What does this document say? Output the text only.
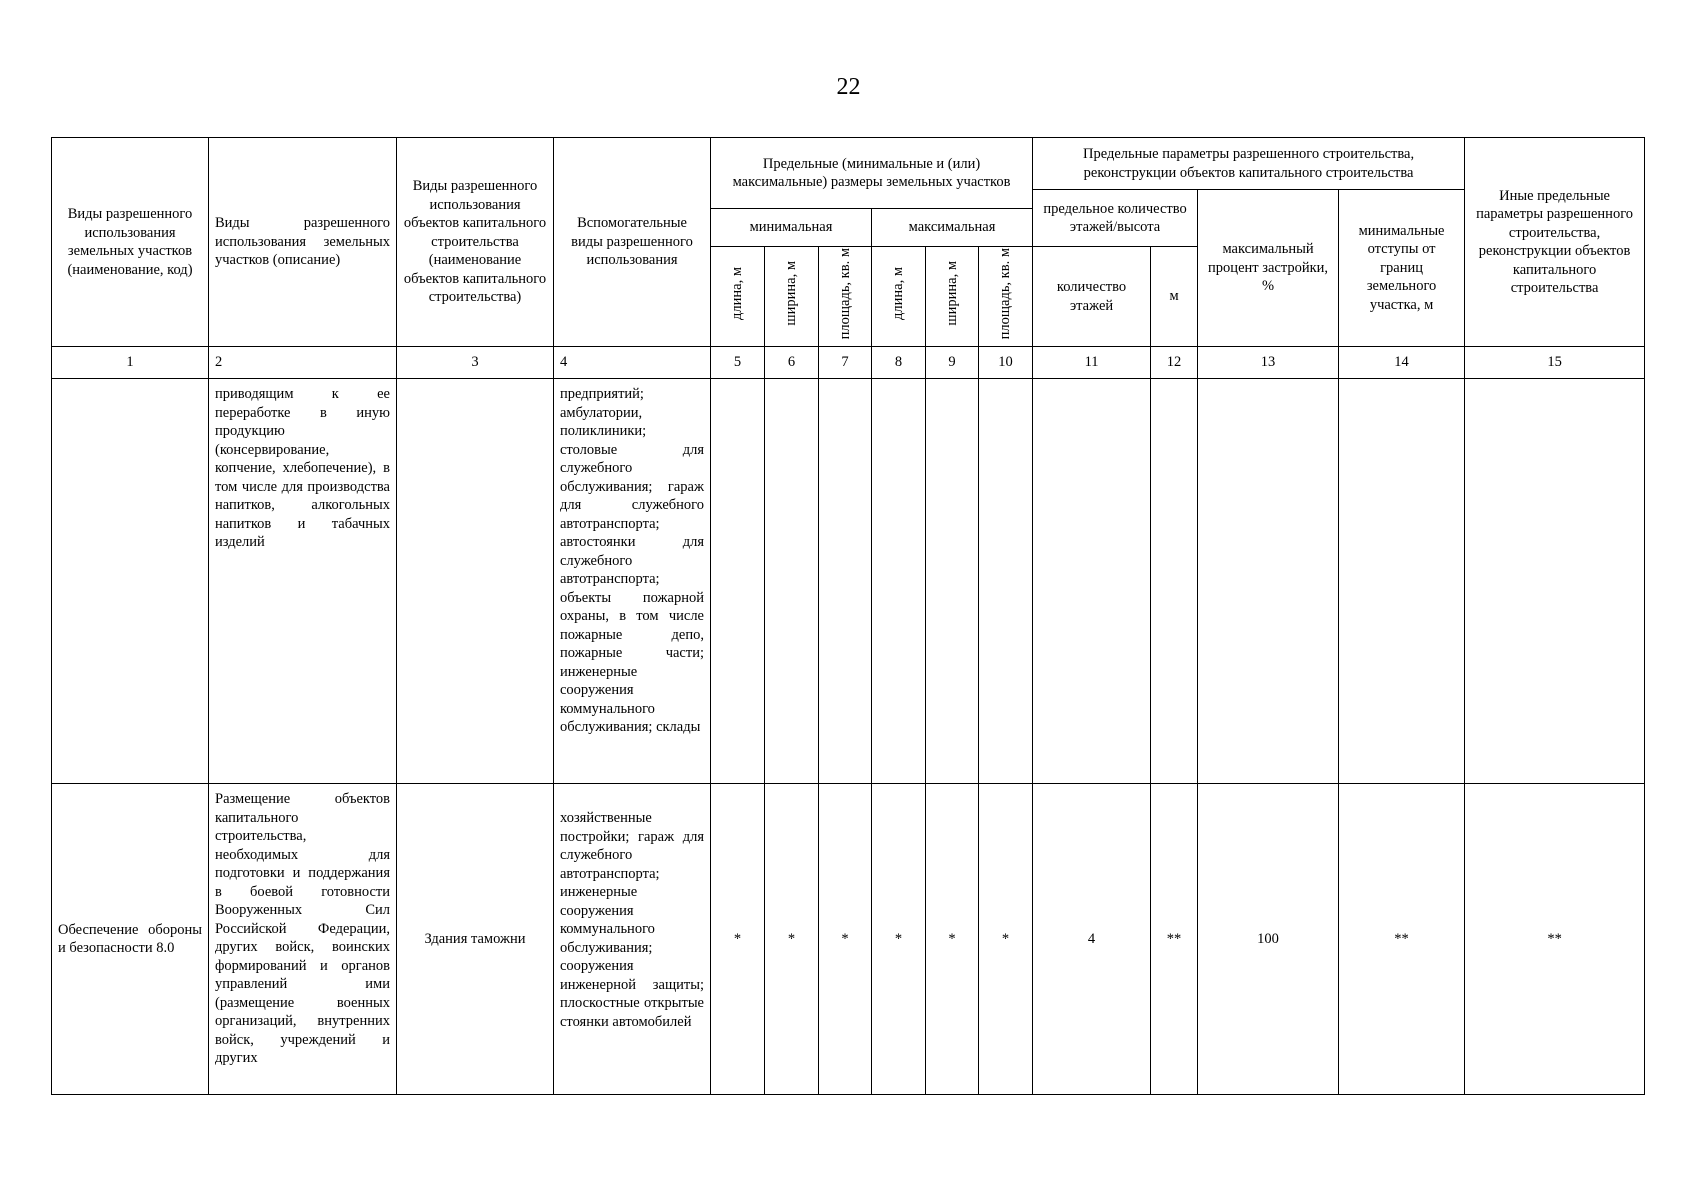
22
Виды разрешенного использования земельных участков (наименование, код)	Виды разрешенного использования земельных участков (описание)	Виды разрешенного использования объектов капитального строительства (наименование объектов капитального строительства)	Вспомогательные виды разрешенного использования	Предельные (минимальные и (или) максимальные) размеры земельных участков						Предельные параметры разрешенного строительства, реконструкции объектов капитального строительства				Иные предельные параметры разрешенного строительства, реконструкции объектов капитального строительства
										предельное количество этажей/высота		максимальный процент застройки, %	минимальные отступы от границ земельного участка, м	
				минимальная			максимальная							
				длина, м	ширина, м	площадь, кв. м	длина, м	ширина, м	площадь, кв. м	количество этажей	м			
1	2	3	4	5	6	7	8	9	10	11	12	13	14	15
	приводящим к ее переработке в иную продукцию (консервирование, копчение, хлебопечение), в том числе для производства напитков, алкогольных напитков и табачных изделий		предприятий; амбулатории, поликлиники; столовые для служебного обслуживания; гараж для служебного автотранспорта; автостоянки для служебного автотранспорта; объекты пожарной охраны, в том числе пожарные депо, пожарные части; инженерные сооружения коммунального обслуживания; склады											
Обеспечение обороны и безопасности 8.0	Размещение объектов капитального строительства, необходимых для подготовки и поддержания в боевой готовности Вооруженных Сил Российской Федерации, других войск, воинских формирований и органов управлений ими (размещение военных организаций, внутренних войск, учреждений и других	Здания таможни	хозяйственные постройки; гараж для служебного автотранспорта; инженерные сооружения коммунального обслуживания; сооружения инженерной защиты; плоскостные открытые стоянки автомобилей	*	*	*	*	*	*	4	**	100	**	**
